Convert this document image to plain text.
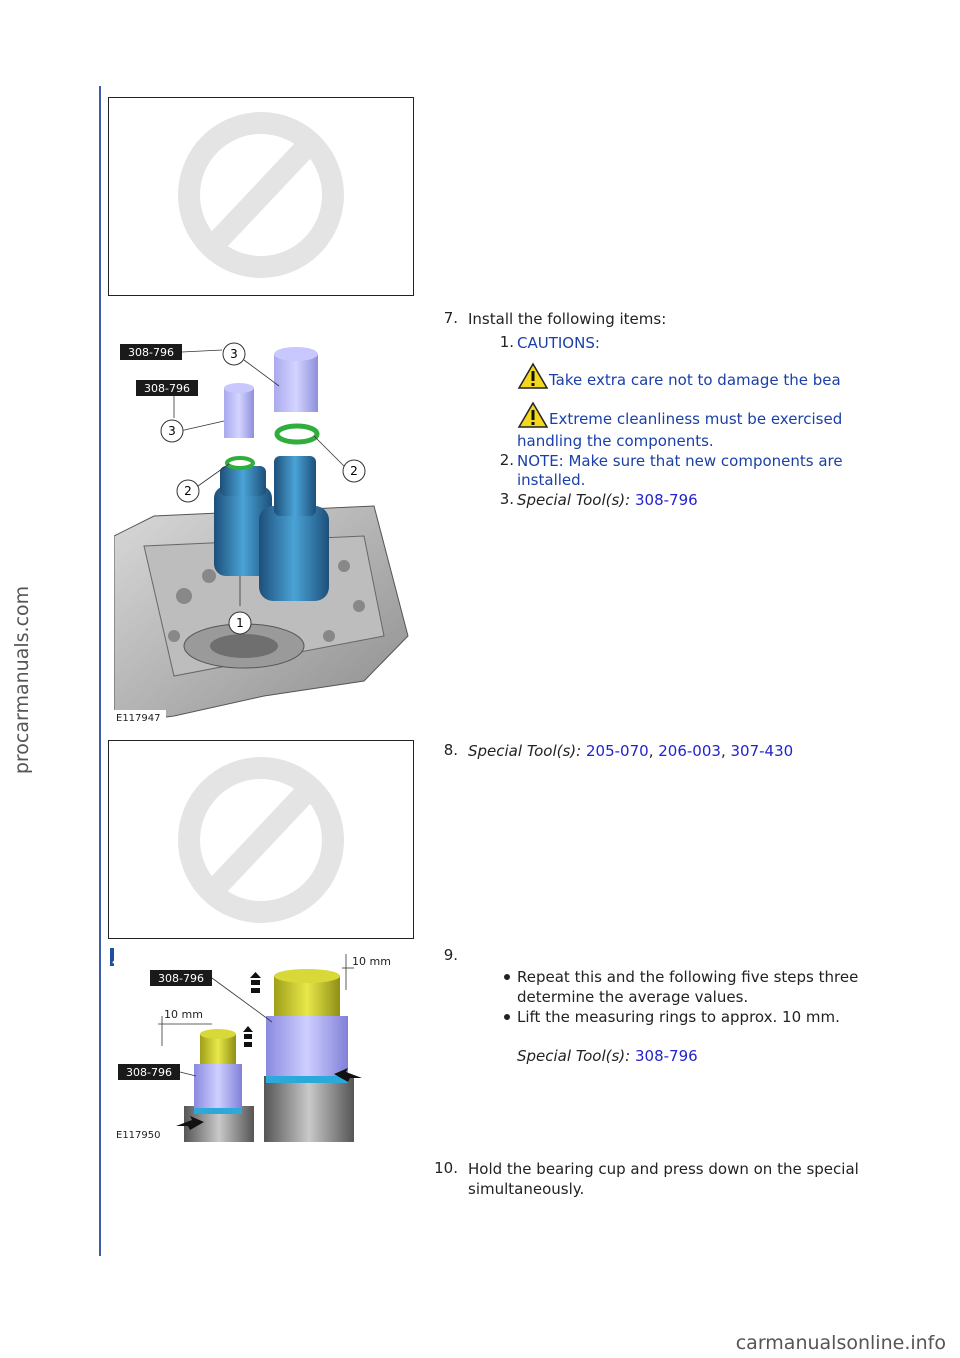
procarmanuals.com
carmanualsonline.info
7. Install the following items:
308-796
308-796
3
3
2
2
1
E117947
1. CAUTIONS:
Take extra care not to damage the bea
Extreme cleanliness must be exercised
handling the components.
2. NOTE: Make sure that new components are
installed.
3. Special Tool(s): 308-796
8. Special Tool(s): 205-070, 206-003, 307-430
10 mm
10 mm
308-796
308-796
E117950
9.
Repeat this and the following five steps three
determine the average values.
Lift the measuring rings to approx. 10 mm.
Special Tool(s): 308-796
10. Hold the bearing cup and press down on the special
simultaneously.
